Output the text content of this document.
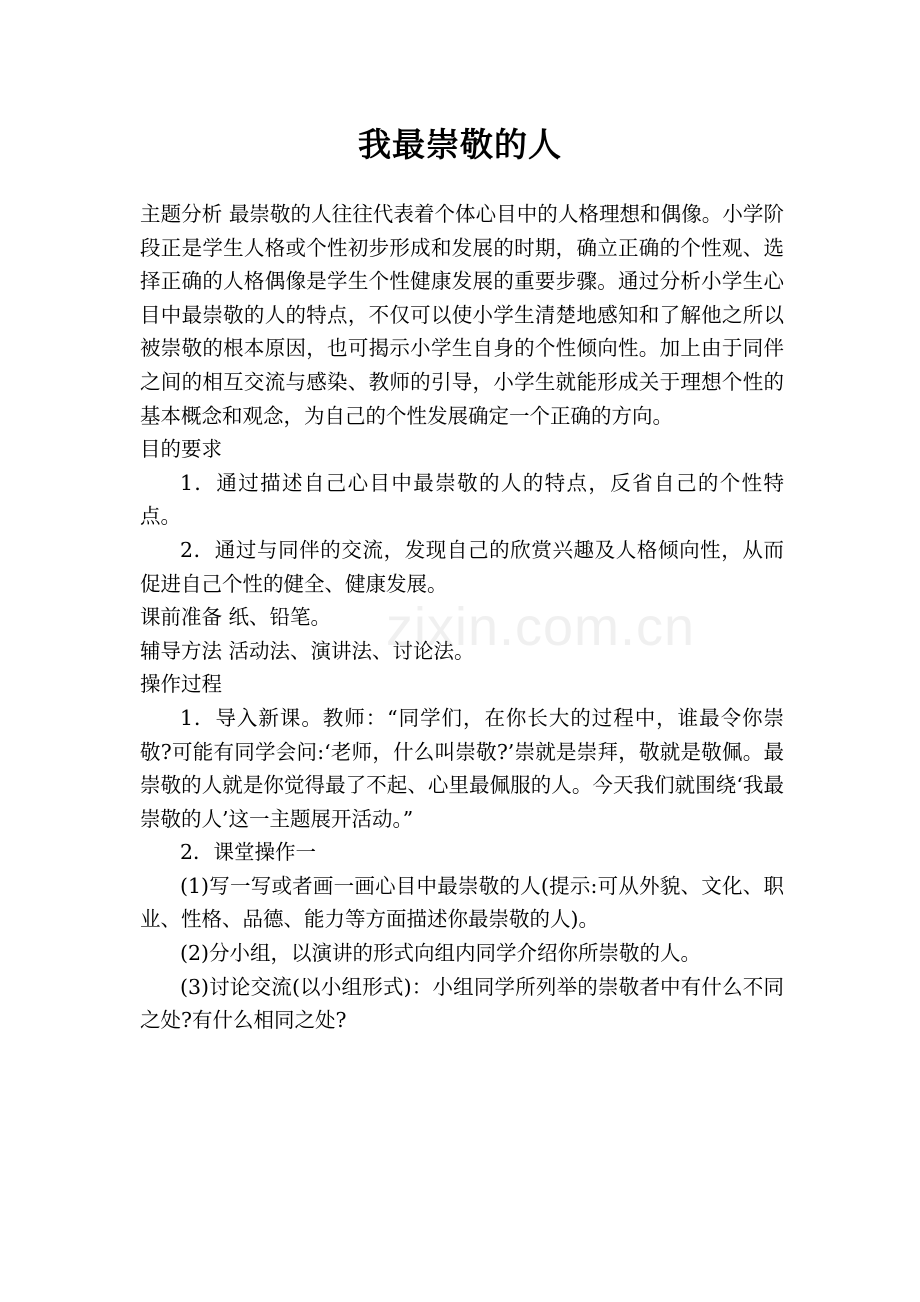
我最崇敬的人

主题分析 最崇敬的人往往代表着个体心目中的人格理想和偶像。小学阶段正是学生人格或个性初步形成和发展的时期，确立正确的个性观、选择正确的人格偶像是学生个性健康发展的重要步骤。通过分析小学生心目中最崇敬的人的特点，不仅可以使小学生清楚地感知和了解他之所以被崇敬的根本原因，也可揭示小学生自身的个性倾向性。加上由于同伴之间的相互交流与感染、教师的引导，小学生就能形成关于理想个性的基本概念和观念，为自己的个性发展确定一个正确的方向。

目的要求

1．通过描述自己心目中最崇敬的人的特点，反省自己的个性特点。

2．通过与同伴的交流，发现自己的欣赏兴趣及人格倾向性，从而促进自己个性的健全、健康发展。

课前准备 纸、铅笔。

辅导方法 活动法、演讲法、讨论法。

操作过程

1．导入新课。教师：“同学们，在你长大的过程中，谁最令你崇敬?可能有同学会问:‘老师，什么叫崇敬?’崇就是崇拜，敬就是敬佩。最崇敬的人就是你觉得最了不起、心里最佩服的人。今天我们就围绕‘我最崇敬的人’这一主题展开活动。”

2．课堂操作一

(1)写一写或者画一画心目中最崇敬的人(提示:可从外貌、文化、职业、性格、品德、能力等方面描述你最崇敬的人)。

(2)分小组，以演讲的形式向组内同学介绍你所崇敬的人。

(3)讨论交流(以小组形式)：小组同学所列举的崇敬者中有什么不同之处?有什么相同之处?

zixin.com.cn
